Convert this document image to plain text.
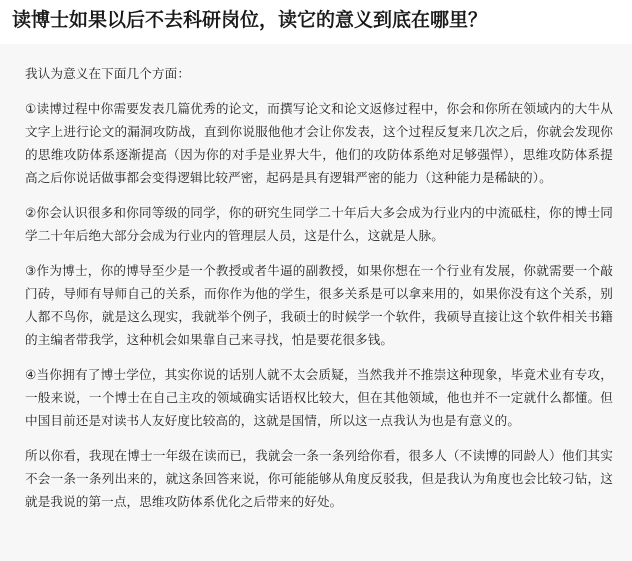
读博士如果以后不去科研岗位，读它的意义到底在哪里？

我认为意义在下面几个方面：

①读博过程中你需要发表几篇优秀的论文，而撰写论文和论文返修过程中，你会和你所在领域内的大牛从文字上进行论文的漏洞攻防战，直到你说服他他才会让你发表，这个过程反复来几次之后，你就会发现你的思维攻防体系逐渐提高（因为你的对手是业界大牛，他们的攻防体系绝对足够强悍），思维攻防体系提高之后你说话做事都会变得逻辑比较严密，起码是具有逻辑严密的能力（这种能力是稀缺的）。

②你会认识很多和你同等级的同学，你的研究生同学二十年后大多会成为行业内的中流砥柱，你的博士同学二十年后绝大部分会成为行业内的管理层人员，这是什么，这就是人脉。

③作为博士，你的博导至少是一个教授或者牛逼的副教授，如果你想在一个行业有发展，你就需要一个敲门砖，导师有导师自己的关系，而你作为他的学生，很多关系是可以拿来用的，如果你没有这个关系，别人都不鸟你，就是这么现实，我就举个例子，我硕士的时候学一个软件，我硕导直接让这个软件相关书籍的主编者带我学，这种机会如果靠自己来寻找，怕是要花很多钱。

④当你拥有了博士学位，其实你说的话别人就不太会质疑，当然我并不推崇这种现象，毕竟术业有专攻，一般来说，一个博士在自己主攻的领域确实话语权比较大，但在其他领域，他也并不一定就什么都懂。但中国目前还是对读书人友好度比较高的，这就是国情，所以这一点我认为也是有意义的。

所以你看，我现在博士一年级在读而已，我就会一条一条列给你看，很多人（不读博的同龄人）他们其实不会一条一条列出来的，就这条回答来说，你可能能够从角度反驳我，但是我认为角度也会比较刁钻，这就是我说的第一点，思维攻防体系优化之后带来的好处。
